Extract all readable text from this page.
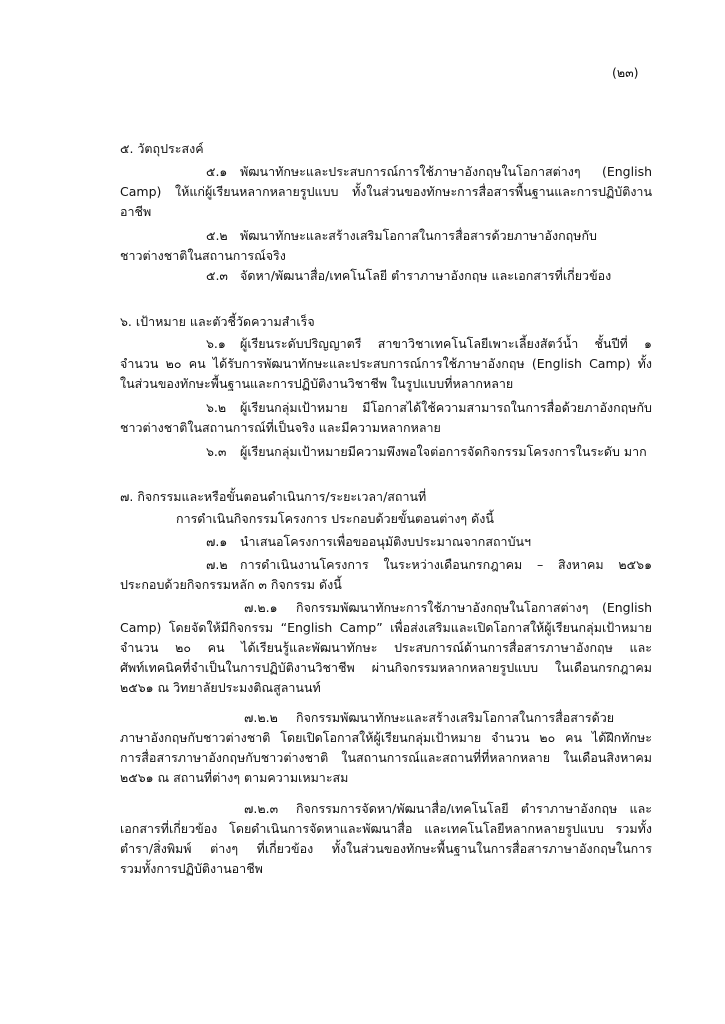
(๒๓)
๕. วัตถุประสงค์
๕.๑ พัฒนาทักษะและประสบการณ์การใช้ภาษาอังกฤษในโอกาสต่างๆ (English
Camp) ให้แก่ผู้เรียนหลากหลายรูปแบบ ทั้งในส่วนของทักษะการสื่อสารพื้นฐานและการปฏิบัติงาน
อาชีพ
๕.๒ พัฒนาทักษะและสร้างเสริมโอกาสในการสื่อสารด้วยภาษาอังกฤษกับ
ชาวต่างชาติในสถานการณ์จริง
๕.๓ จัดหา/พัฒนาสื่อ/เทคโนโลยี ตำราภาษาอังกฤษ และเอกสารที่เกี่ยวข้อง
๖. เป้าหมาย และตัวชี้วัดความสำเร็จ
๖.๑ ผู้เรียนระดับปริญญาตรี สาขาวิชาเทคโนโลยีเพาะเลี้ยงสัตว์น้ำ ชั้นปีที่ ๑
จำนวน ๒๐ คน ได้รับการพัฒนาทักษะและประสบการณ์การใช้ภาษาอังกฤษ (English Camp) ทั้ง
ในส่วนของทักษะพื้นฐานและการปฏิบัติงานวิชาชีพ ในรูปแบบที่หลากหลาย
๖.๒ ผู้เรียนกลุ่มเป้าหมาย มีโอกาสได้ใช้ความสามารถในการสื่อด้วยภาอังกฤษกับ
ชาวต่างชาติในสถานการณ์ที่เป็นจริง และมีความหลากหลาย
๖.๓ ผู้เรียนกลุ่มเป้าหมายมีความพึงพอใจต่อการจัดกิจกรรมโครงการในระดับ มาก
๗. กิจกรรมและหรือขั้นตอนดำเนินการ/ระยะเวลา/สถานที่
การดำเนินกิจกรรมโครงการ ประกอบด้วยขั้นตอนต่างๆ ดังนี้
๗.๑ นำเสนอโครงการเพื่อขออนุมัติงบประมาณจากสถาบันฯ
๗.๒ การดำเนินงานโครงการ ในระหว่างเดือนกรกฎาคม – สิงหาคม ๒๕๖๑
ประกอบด้วยกิจกรรมหลัก ๓ กิจกรรม ดังนี้
๗.๒.๑ กิจกรรมพัฒนาทักษะการใช้ภาษาอังกฤษในโอกาสต่างๆ (English
Camp) โดยจัดให้มีกิจกรรม “English Camp” เพื่อส่งเสริมและเปิดโอกาสให้ผู้เรียนกลุ่มเป้าหมาย
จำนวน ๒๐ คน ได้เรียนรู้และพัฒนาทักษะ ประสบการณ์ด้านการสื่อสารภาษาอังกฤษ และ
ศัพท์เทคนิคที่จำเป็นในการปฏิบัติงานวิชาชีพ ผ่านกิจกรรมหลากหลายรูปแบบ ในเดือนกรกฎาคม
๒๕๖๑ ณ วิทยาลัยประมงติณสูลานนท์
๗.๒.๒ กิจกรรมพัฒนาทักษะและสร้างเสริมโอกาสในการสื่อสารด้วย
ภาษาอังกฤษกับชาวต่างชาติ โดยเปิดโอกาสให้ผู้เรียนกลุ่มเป้าหมาย จำนวน ๒๐ คน ได้ฝึกทักษะ
การสื่อสารภาษาอังกฤษกับชาวต่างชาติ ในสถานการณ์และสถานที่ที่หลากหลาย ในเดือนสิงหาคม
๒๕๖๑ ณ สถานที่ต่างๆ ตามความเหมาะสม
๗.๒.๓ กิจกรรมการจัดหา/พัฒนาสื่อ/เทคโนโลยี ตำราภาษาอังกฤษ และ
เอกสารที่เกี่ยวข้อง โดยดำเนินการจัดหาและพัฒนาสื่อ และเทคโนโลยีหลากหลายรูปแบบ รวมทั้ง
ตำรา/สิ่งพิมพ์ ต่างๆ ที่เกี่ยวข้อง ทั้งในส่วนของทักษะพื้นฐานในการสื่อสารภาษาอังกฤษในการ
รวมทั้งการปฏิบัติงานอาชีพ
